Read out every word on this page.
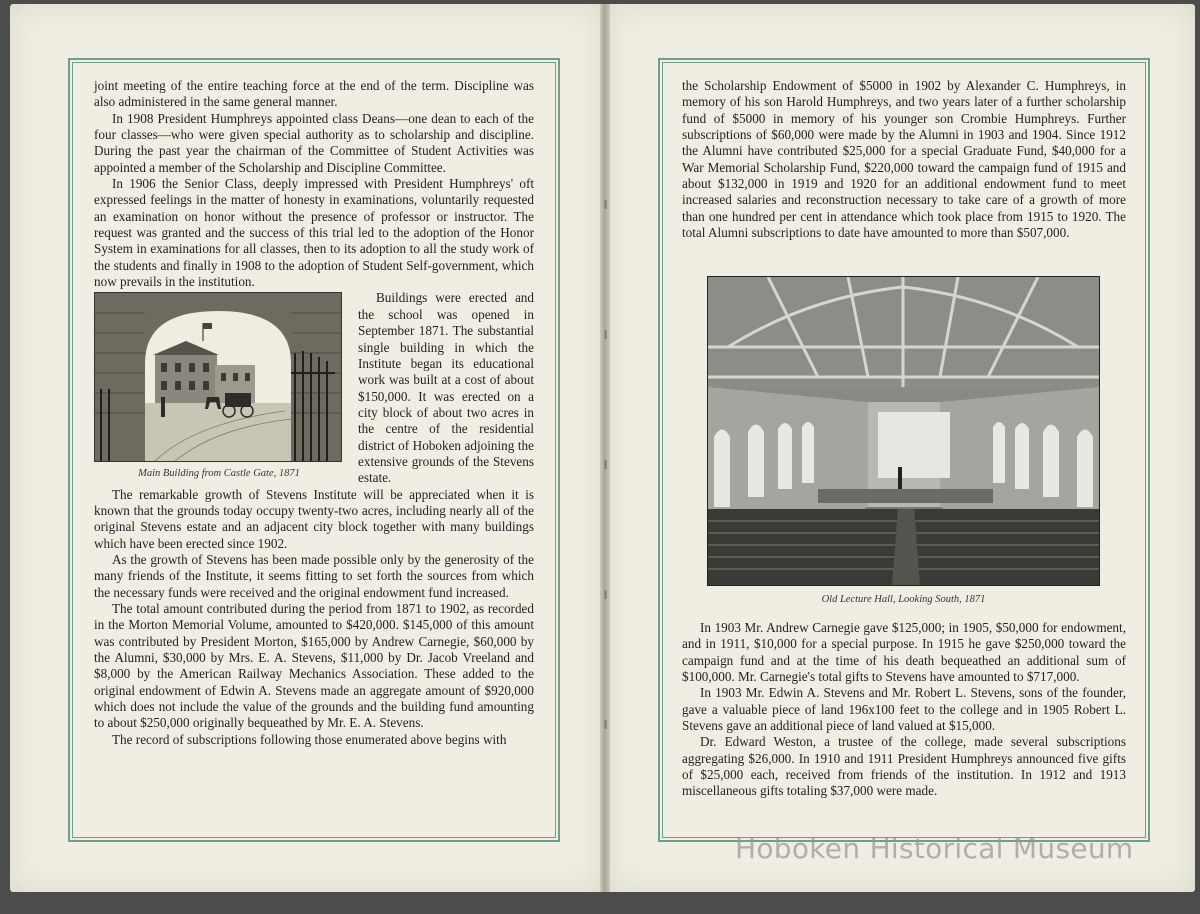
joint meeting of the entire teaching force at the end of the term. Discipline was also administered in the same general manner.

In 1908 President Humphreys appointed class Deans—one dean to each of the four classes—who were given special authority as to scholarship and discipline. During the past year the chairman of the Committee of Student Activities was appointed a member of the Scholarship and Discipline Committee.

In 1906 the Senior Class, deeply impressed with President Humphreys' oft expressed feelings in the matter of honesty in examinations, voluntarily requested an examination on honor without the presence of professor or instructor. The request was granted and the success of this trial led to the adoption of the Honor System in examinations for all classes, then to its adoption to all the study work of the students and finally in 1908 to the adoption of Student Self-government, which now prevails in the institution.

Main Building from Castle Gate, 1871

Buildings were erected and the school was opened in September 1871. The substantial single building in which the Institute began its educational work was built at a cost of about $150,000. It was erected on a city block of about two acres in the centre of the residential district of Hoboken adjoining the extensive grounds of the Stevens estate.

The remarkable growth of Stevens Institute will be appreciated when it is known that the grounds today occupy twenty-two acres, including nearly all of the original Stevens estate and an adjacent city block together with many buildings which have been erected since 1902.

As the growth of Stevens has been made possible only by the generosity of the many friends of the Institute, it seems fitting to set forth the sources from which the necessary funds were received and the original endowment fund increased.

The total amount contributed during the period from 1871 to 1902, as recorded in the Morton Memorial Volume, amounted to $420,000. $145,000 of this amount was contributed by President Morton, $165,000 by Andrew Carnegie, $60,000 by the Alumni, $30,000 by Mrs. E. A. Stevens, $11,000 by Dr. Jacob Vreeland and $8,000 by the American Railway Mechanics Association. These added to the original endowment of Edwin A. Stevens made an aggregate amount of $920,000 which does not include the value of the grounds and the building fund amounting to about $250,000 originally bequeathed by Mr. E. A. Stevens.

The record of subscriptions following those enumerated above begins with

the Scholarship Endowment of $5000 in 1902 by Alexander C. Humphreys, in memory of his son Harold Humphreys, and two years later of a further scholarship fund of $5000 in memory of his younger son Crombie Humphreys. Further subscriptions of $60,000 were made by the Alumni in 1903 and 1904. Since 1912 the Alumni have contributed $25,000 for a special Graduate Fund, $40,000 for a War Memorial Scholarship Fund, $220,000 toward the campaign fund of 1915 and about $132,000 in 1919 and 1920 for an additional endowment fund to meet increased salaries and reconstruction necessary to take care of a growth of more than one hundred per cent in attendance which took place from 1915 to 1920. The total Alumni subscriptions to date have amounted to more than $507,000.

Old Lecture Hall, Looking South, 1871

In 1903 Mr. Andrew Carnegie gave $125,000; in 1905, $50,000 for endowment, and in 1911, $10,000 for a special purpose. In 1915 he gave $250,000 toward the campaign fund and at the time of his death bequeathed an additional sum of $100,000. Mr. Carnegie's total gifts to Stevens have amounted to $717,000.

In 1903 Mr. Edwin A. Stevens and Mr. Robert L. Stevens, sons of the founder, gave a valuable piece of land 196x100 feet to the college and in 1905 Robert L. Stevens gave an additional piece of land valued at $15,000.

Dr. Edward Weston, a trustee of the college, made several subscriptions aggregating $26,000. In 1910 and 1911 President Humphreys announced five gifts of $25,000 each, received from friends of the institution. In 1912 and 1913 miscellaneous gifts totaling $37,000 were made.

Hoboken Historical Museum
